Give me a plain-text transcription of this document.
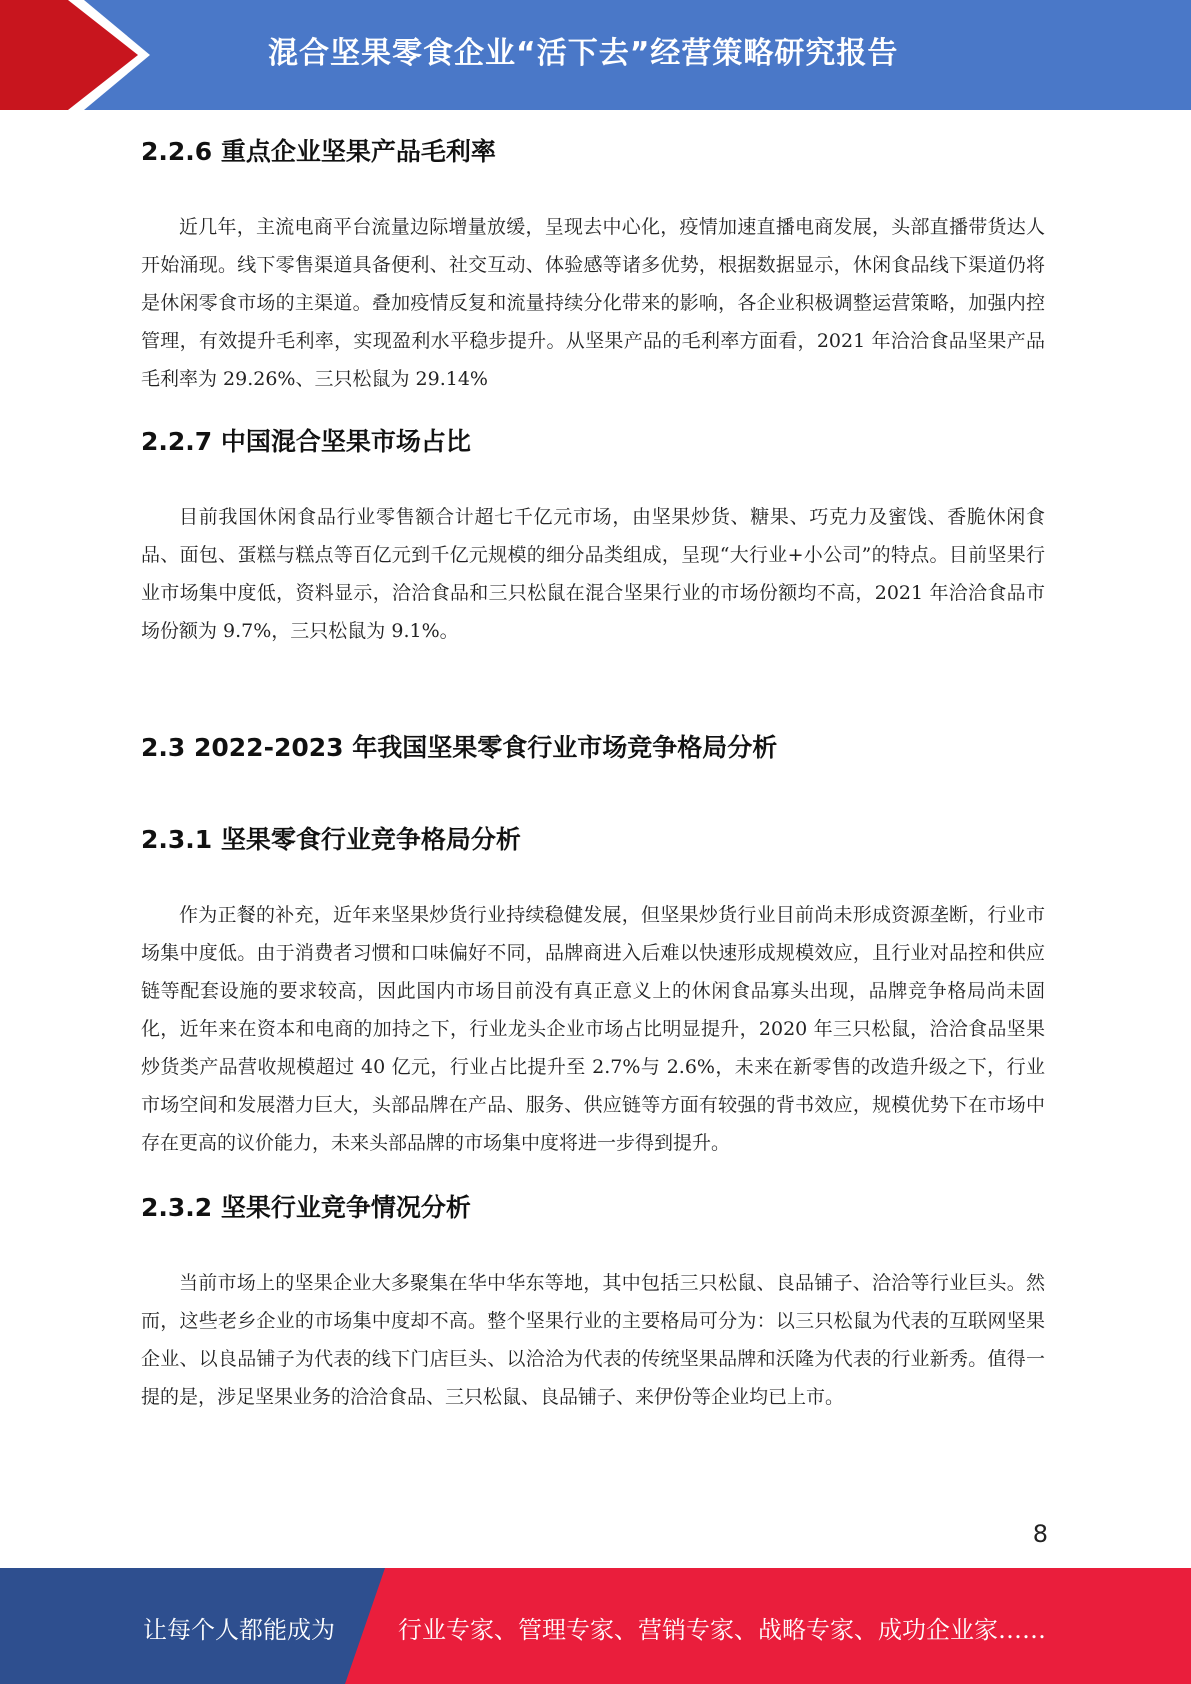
混合坚果零食企业“活下去”经营策略研究报告
2.2.6 重点企业坚果产品毛利率

近几年，主流电商平台流量边际增量放缓，呈现去中心化，疫情加速直播电商发展，头部直播带货达人开始涌现。线下零售渠道具备便利、社交互动、体验感等诸多优势，根据数据显示，休闲食品线下渠道仍将是休闲零食市场的主渠道。叠加疫情反复和流量持续分化带来的影响，各企业积极调整运营策略，加强内控管理，有效提升毛利率，实现盈利水平稳步提升。从坚果产品的毛利率方面看，2021 年洽洽食品坚果产品毛利率为 29.26%、三只松鼠为 29.14%

2.2.7 中国混合坚果市场占比

目前我国休闲食品行业零售额合计超七千亿元市场，由坚果炒货、糖果、巧克力及蜜饯、香脆休闲食品、面包、蛋糕与糕点等百亿元到千亿元规模的细分品类组成，呈现“大行业+小公司”的特点。目前坚果行业市场集中度低，资料显示，洽洽食品和三只松鼠在混合坚果行业的市场份额均不高，2021 年洽洽食品市场份额为 9.7%，三只松鼠为 9.1%。

2.3 2022-2023 年我国坚果零食行业市场竞争格局分析
2.3.1 坚果零食行业竞争格局分析

作为正餐的补充，近年来坚果炒货行业持续稳健发展，但坚果炒货行业目前尚未形成资源垄断，行业市场集中度低。由于消费者习惯和口味偏好不同，品牌商进入后难以快速形成规模效应，且行业对品控和供应链等配套设施的要求较高，因此国内市场目前没有真正意义上的休闲食品寡头出现，品牌竞争格局尚未固化，近年来在资本和电商的加持之下，行业龙头企业市场占比明显提升，2020 年三只松鼠，洽洽食品坚果炒货类产品营收规模超过 40 亿元，行业占比提升至 2.7%与 2.6%，未来在新零售的改造升级之下，行业市场空间和发展潜力巨大，头部品牌在产品、服务、供应链等方面有较强的背书效应，规模优势下在市场中存在更高的议价能力，未来头部品牌的市场集中度将进一步得到提升。

2.3.2 坚果行业竞争情况分析

当前市场上的坚果企业大多聚集在华中华东等地，其中包括三只松鼠、良品铺子、洽洽等行业巨头。然而，这些老乡企业的市场集中度却不高。整个坚果行业的主要格局可分为：以三只松鼠为代表的互联网坚果企业、以良品铺子为代表的线下门店巨头、以洽洽为代表的传统坚果品牌和沃隆为代表的行业新秀。值得一提的是，涉足坚果业务的洽洽食品、三只松鼠、良品铺子、来伊份等企业均已上市。

8
让每个人都能成为	行业专家、管理专家、营销专家、战略专家、成功企业家……
